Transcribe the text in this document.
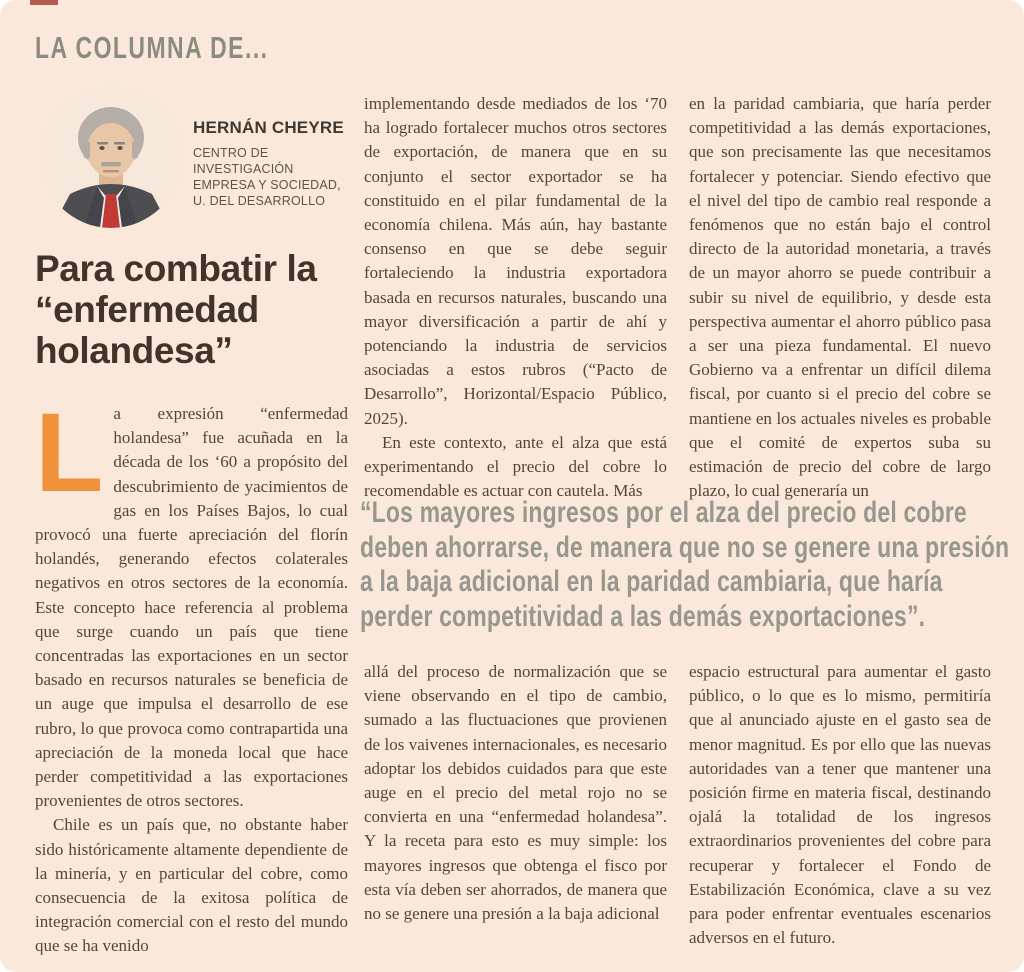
LA COLUMNA DE...
HERNÁN CHEYRE
CENTRO DE
INVESTIGACIÓN
EMPRESA Y SOCIEDAD,
U. DEL DESARROLLO
Para combatir la “enfermedad holandesa”

La expresión “enfermedad holandesa” fue acuñada en la década de los ‘60 a propósito del descubrimiento de yacimientos de gas en los Países Bajos, lo cual provocó una fuerte apreciación del florín holandés, generando efectos colaterales negativos en otros sectores de la economía. Este concepto hace referencia al problema que surge cuando un país que tiene concentradas las exportaciones en un sector basado en recursos naturales se beneficia de un auge que impulsa el desarrollo de ese rubro, lo que provoca como contrapartida una apreciación de la moneda local que hace perder competitividad a las exportaciones provenientes de otros sectores.

Chile es un país que, no obstante haber sido históricamente altamente dependiente de la minería, y en particular del cobre, como consecuencia de la exitosa política de integración comercial con el resto del mundo que se ha venido

implementando desde mediados de los ‘70 ha logrado fortalecer muchos otros sectores de exportación, de manera que en su conjunto el sector exportador se ha constituido en el pilar fundamental de la economía chilena. Más aún, hay bastante consenso en que se debe seguir fortaleciendo la industria exportadora basada en recursos naturales, buscando una mayor diversificación a partir de ahí y potenciando la industria de servicios asociadas a estos rubros (“Pacto de Desarrollo”, Horizontal/Espacio Público, 2025).

En este contexto, ante el alza que está experimentando el precio del cobre lo recomendable es actuar con cautela. Más

en la paridad cambiaria, que haría perder competitividad a las demás exportaciones, que son precisamente las que necesitamos fortalecer y potenciar. Siendo efectivo que el nivel del tipo de cambio real responde a fenómenos que no están bajo el control directo de la autoridad monetaria, a través de un mayor ahorro se puede contribuir a subir su nivel de equilibrio, y desde esta perspectiva aumentar el ahorro público pasa a ser una pieza fundamental. El nuevo Gobierno va a enfrentar un difícil dilema fiscal, por cuanto si el precio del cobre se mantiene en los actuales niveles es probable que el comité de expertos suba su estimación de precio del cobre de largo plazo, lo cual generaría un

“Los mayores ingresos por el alza del precio del cobre deben ahorrarse, de manera que no se genere una presión a la baja adicional en la paridad cambiaria, que haría perder competitividad a las demás exportaciones”.

allá del proceso de normalización que se viene observando en el tipo de cambio, sumado a las fluctuaciones que provienen de los vaivenes internacionales, es necesario adoptar los debidos cuidados para que este auge en el precio del metal rojo no se convierta en una “enfermedad holandesa”. Y la receta para esto es muy simple: los mayores ingresos que obtenga el fisco por esta vía deben ser ahorrados, de manera que no se genere una presión a la baja adicional

espacio estructural para aumentar el gasto público, o lo que es lo mismo, permitiría que al anunciado ajuste en el gasto sea de menor magnitud. Es por ello que las nuevas autoridades van a tener que mantener una posición firme en materia fiscal, destinando ojalá la totalidad de los ingresos extraordinarios provenientes del cobre para recuperar y fortalecer el Fondo de Estabilización Económica, clave a su vez para poder enfrentar eventuales escenarios adversos en el futuro.
